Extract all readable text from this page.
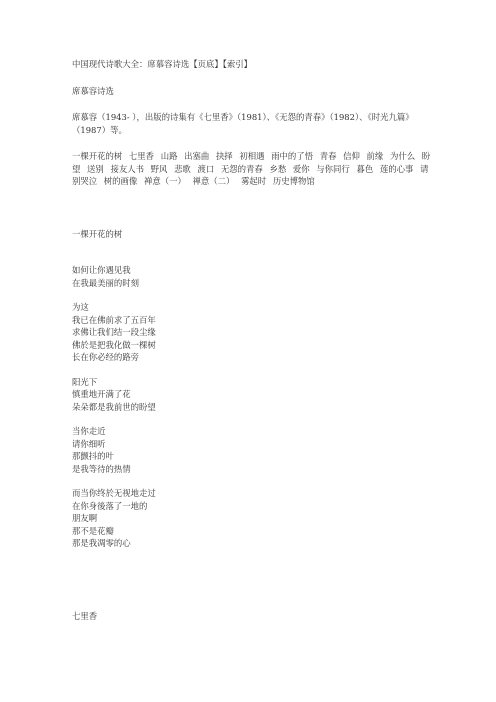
中国现代诗歌大全：席慕容诗选【页底】【索引】
席慕容诗选
席慕容（1943- ），出版的诗集有《七里香》（1981）、《无怨的青春》（1982）、《时光九篇》（1987）等。
一棵开花的树 七里香 山路 出塞曲 抉择 初相遇 雨中的了悟 青春 信仰 前缘 为什么 盼望 送别 接友人书 野风 悲歌 渡口 无怨的青春 乡愁 爱你 与你同行 暮色 莲的心事 请别哭泣 树的画像 禅意（一） 禅意（二） 雾起时 历史博物馆
一棵开花的树
如何让你遇见我
在我最美丽的时刻
为这
我已在佛前求了五百年
求佛让我们结一段尘缘
佛於是把我化做一棵树
长在你必经的路旁
阳光下
慎重地开满了花
朵朵都是我前世的盼望
当你走近
请你细听
那颤抖的叶
是我等待的热情
而当你终於无视地走过
在你身後落了一地的
朋友啊
那不是花瓣
那是我凋零的心
七里香
